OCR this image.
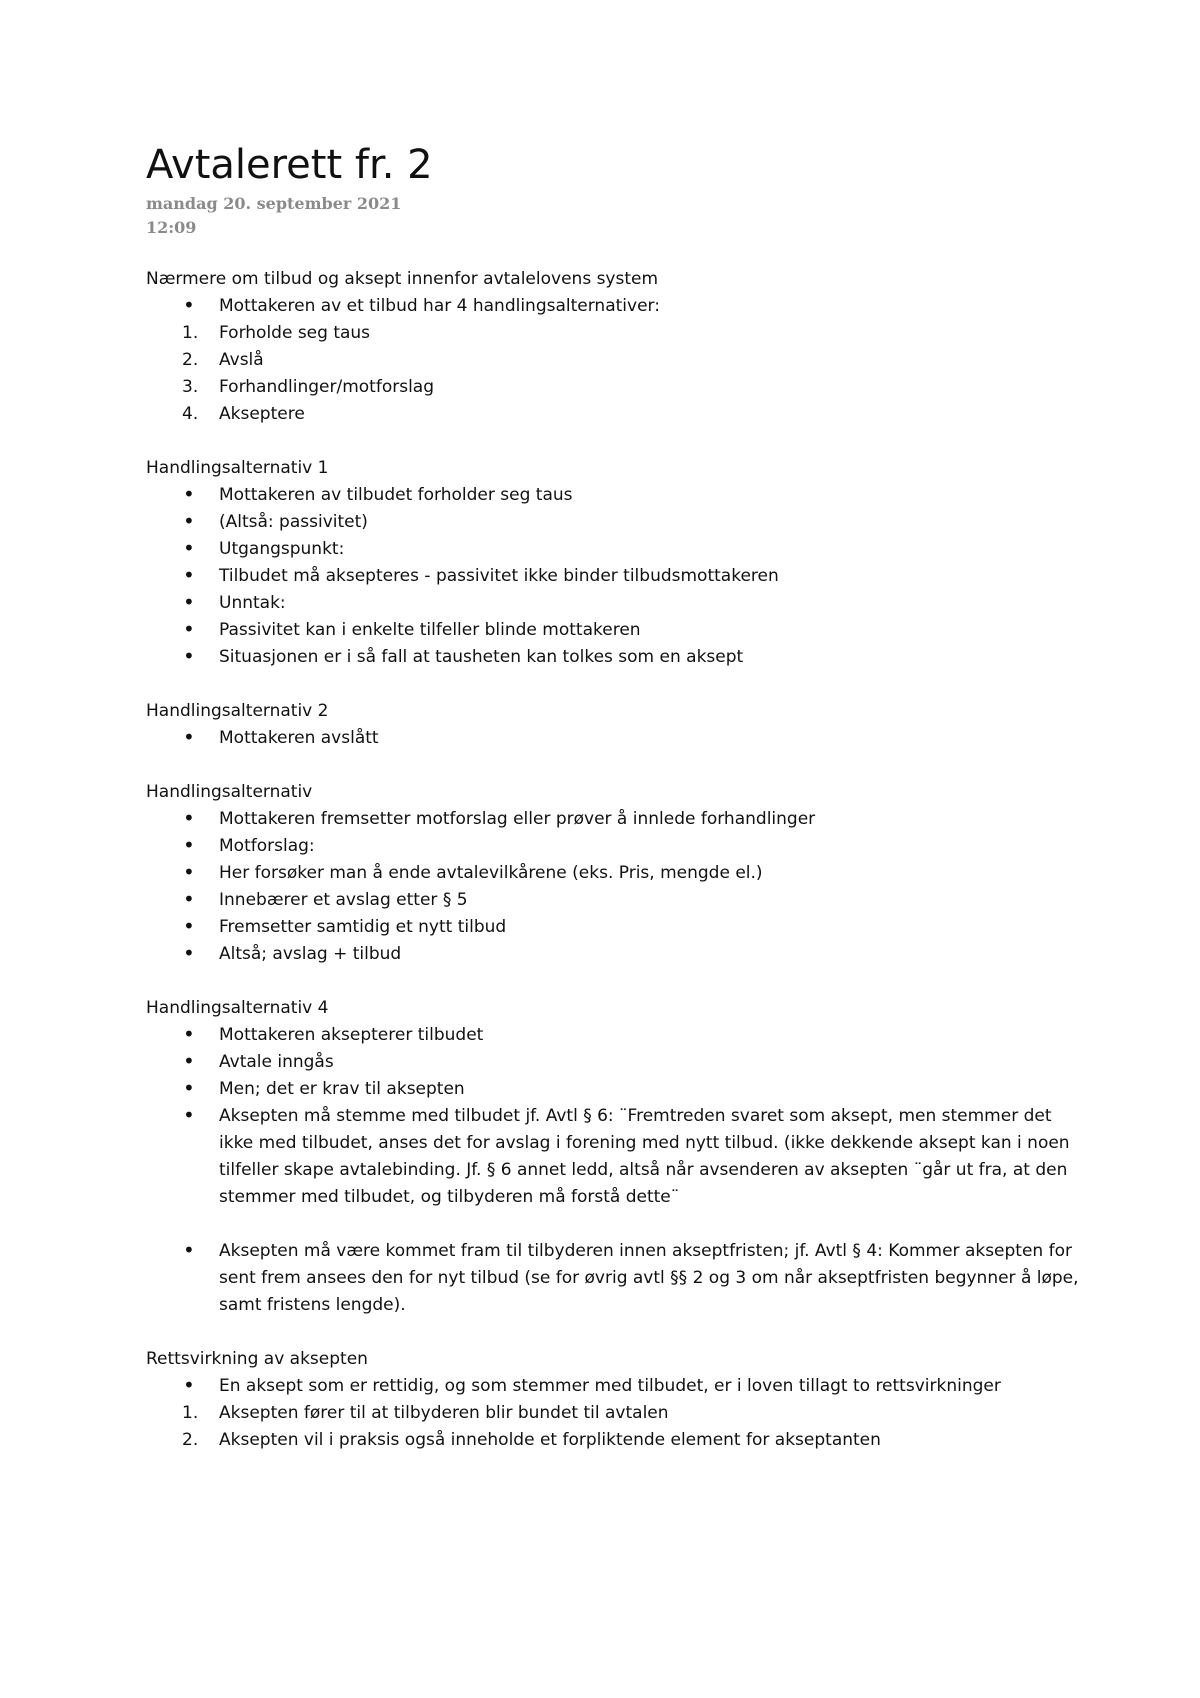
Avtalerett fr. 2

mandag 20. september 2021

12:09

Nærmere om tilbud og aksept innenfor avtalelovens system

•	Mottakeren av et tilbud har 4 handlingsalternativer:
1.	Forholde seg taus
2.	Avslå
3.	Forhandlinger/motforslag
4.	Akseptere

Handlingsalternativ 1

•	Mottakeren av tilbudet forholder seg taus
•	(Altså: passivitet)
•	Utgangspunkt:
•	Tilbudet må aksepteres - passivitet ikke binder tilbudsmottakeren
•	Unntak:
•	Passivitet kan i enkelte tilfeller blinde mottakeren
•	Situasjonen er i så fall at tausheten kan tolkes som en aksept

Handlingsalternativ 2

•	Mottakeren avslått

Handlingsalternativ

•	Mottakeren fremsetter motforslag eller prøver å innlede forhandlinger
•	Motforslag:
•	Her forsøker man å ende avtalevilkårene (eks. Pris, mengde el.)
•	Innebærer et avslag etter § 5
•	Fremsetter samtidig et nytt tilbud
•	Altså; avslag + tilbud

Handlingsalternativ 4

•	Mottakeren aksepterer tilbudet
•	Avtale inngås
•	Men; det er krav til aksepten
•	Aksepten må stemme med tilbudet jf. Avtl § 6: ¨Fremtreden svaret som aksept, men stemmer det ikke med tilbudet, anses det for avslag i forening med nytt tilbud. (ikke dekkende aksept kan i noen tilfeller skape avtalebinding. Jf. § 6 annet ledd, altså når avsenderen av aksepten ¨går ut fra, at den stemmer med tilbudet, og tilbyderen må forstå dette¨

•	Aksepten må være kommet fram til tilbyderen innen akseptfristen; jf. Avtl § 4: Kommer aksepten for sent frem ansees den for nyt tilbud (se for øvrig avtl §§ 2 og 3 om når akseptfristen begynner å løpe, samt fristens lengde).

Rettsvirkning av aksepten

•	En aksept som er rettidig, og som stemmer med tilbudet, er i loven tillagt to rettsvirkninger
1.	Aksepten fører til at tilbyderen blir bundet til avtalen
2.	Aksepten vil i praksis også inneholde et forpliktende element for akseptanten
